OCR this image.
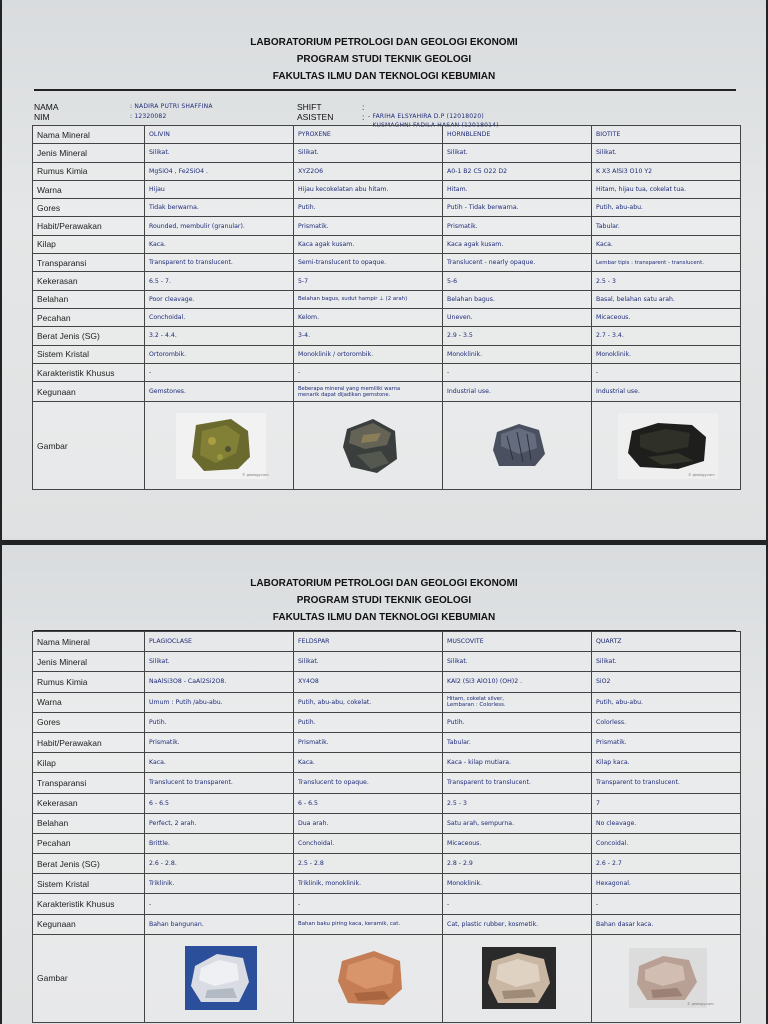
LABORATORIUM PETROLOGI DAN GEOLOGI EKONOMI
PROGRAM STUDI TEKNIK GEOLOGI
FAKULTAS ILMU DAN TEKNOLOGI KEBUMIAN
NAMA	: NADIRA PUTRI SHAFFINA
NIM	: 12320082
SHIFT	:
ASISTEN	: - FARIHA ELSYAHIRA D.P (12018020)
- KUSMAGHNI FADILA HASAN (12018014)
Nama Mineral	OLIVIN	PYROXENE	HORNBLENDE	BIOTITE
Jenis Mineral	Silikat.	Silikat.	Silikat.	Silikat.
Rumus Kimia	MgSiO4 , Fe2SiO4 .	XYZ2O6	A0-1 B2 C5 O22 D2	K X3 AlSi3 O10 Y2
Warna	Hijau	Hijau kecokelatan abu hitam.	Hitam.	Hitam, hijau tua, cokelat tua.
Gores	Tidak berwarna.	Putih.	Putih - Tidak berwarna.	Putih, abu-abu.
Habit/Perawakan	Rounded, membulir (granular).	Prismatik.	Prismatik.	Tabular.
Kilap	Kaca.	Kaca agak kusam.	Kaca agak kusam.	Kaca.
Transparansi	Transparent to translucent.	Semi-translucent to opaque.	Translucent - nearly opaque.	Lembar tipis : transparent - translucent.
Kekerasan	6.5 - 7.	5-7	5-6	2.5 - 3
Belahan	Poor cleavage.	Belahan bagus, sudut hampir ⊥ (2 arah)	Belahan bagus.	Basal, belahan satu arah.
Pecahan	Conchoidal.	Kelom.	Uneven.	Micaceous.
Berat Jenis (SG)	3.2 - 4.4.	3-4.	2.9 - 3.5	2.7 - 3.4.
Sistem Kristal	Ortorombik.	Monoklinik / ortorombik.	Monoklinik.	Monoklinik.
Karakteristik Khusus	-	-	-	-
Kegunaan	Gemstones.	Beberapa mineral yang memiliki warna
menarik dapat dijadikan gemstone.	Industrial use.	Industrial use.
Gambar	© geology.com			© geology.com
LABORATORIUM PETROLOGI DAN GEOLOGI EKONOMI
PROGRAM STUDI TEKNIK GEOLOGI
FAKULTAS ILMU DAN TEKNOLOGI KEBUMIAN
Nama Mineral	PLAGIOCLASE	FELDSPAR	MUSCOVITE	QUARTZ
Jenis Mineral	Silikat.	Silikat.	Silikat.	Silikat.
Rumus Kimia	NaAlSi3O8 - CaAl2Si2O8.	XY4O8	KAl2 (Si3 AlO10) (OH)2 .	SiO2
Warna	Umum : Putih /abu-abu.	Putih, abu-abu, cokelat.	Hitam, cokelat silver,
Lembaran : Colorless.	Putih, abu-abu.
Gores	Putih.	Putih.	Putih.	Colorless.
Habit/Perawakan	Prismatik.	Prismatik.	Tabular.	Prismatik.
Kilap	Kaca.	Kaca.	Kaca - kilap mutiara.	Kilap kaca.
Transparansi	Translucent to transparent.	Translucent to opaque.	Transparent to translucent.	Transparent to translucent.
Kekerasan	6 - 6.5	6 - 6.5	2.5 - 3	7
Belahan	Perfect, 2 arah.	Dua arah.	Satu arah, sempurna.	No cleavage.
Pecahan	Brittle.	Conchoidal.	Micaceous.	Concoidal.
Berat Jenis (SG)	2.6 - 2.8.	2.5 - 2.8	2.8 - 2.9	2.6 - 2.7
Sistem Kristal	Triklinik.	Triklinik, monoklinik.	Monoklinik.	Hexagonal.
Karakteristik Khusus	-	-	-	-
Kegunaan	Bahan bangunan.	Bahan baku piring kaca, keramik, cat.	Cat, plastic rubber, kosmetik.	Bahan dasar kaca.
Gambar				© geology.com
